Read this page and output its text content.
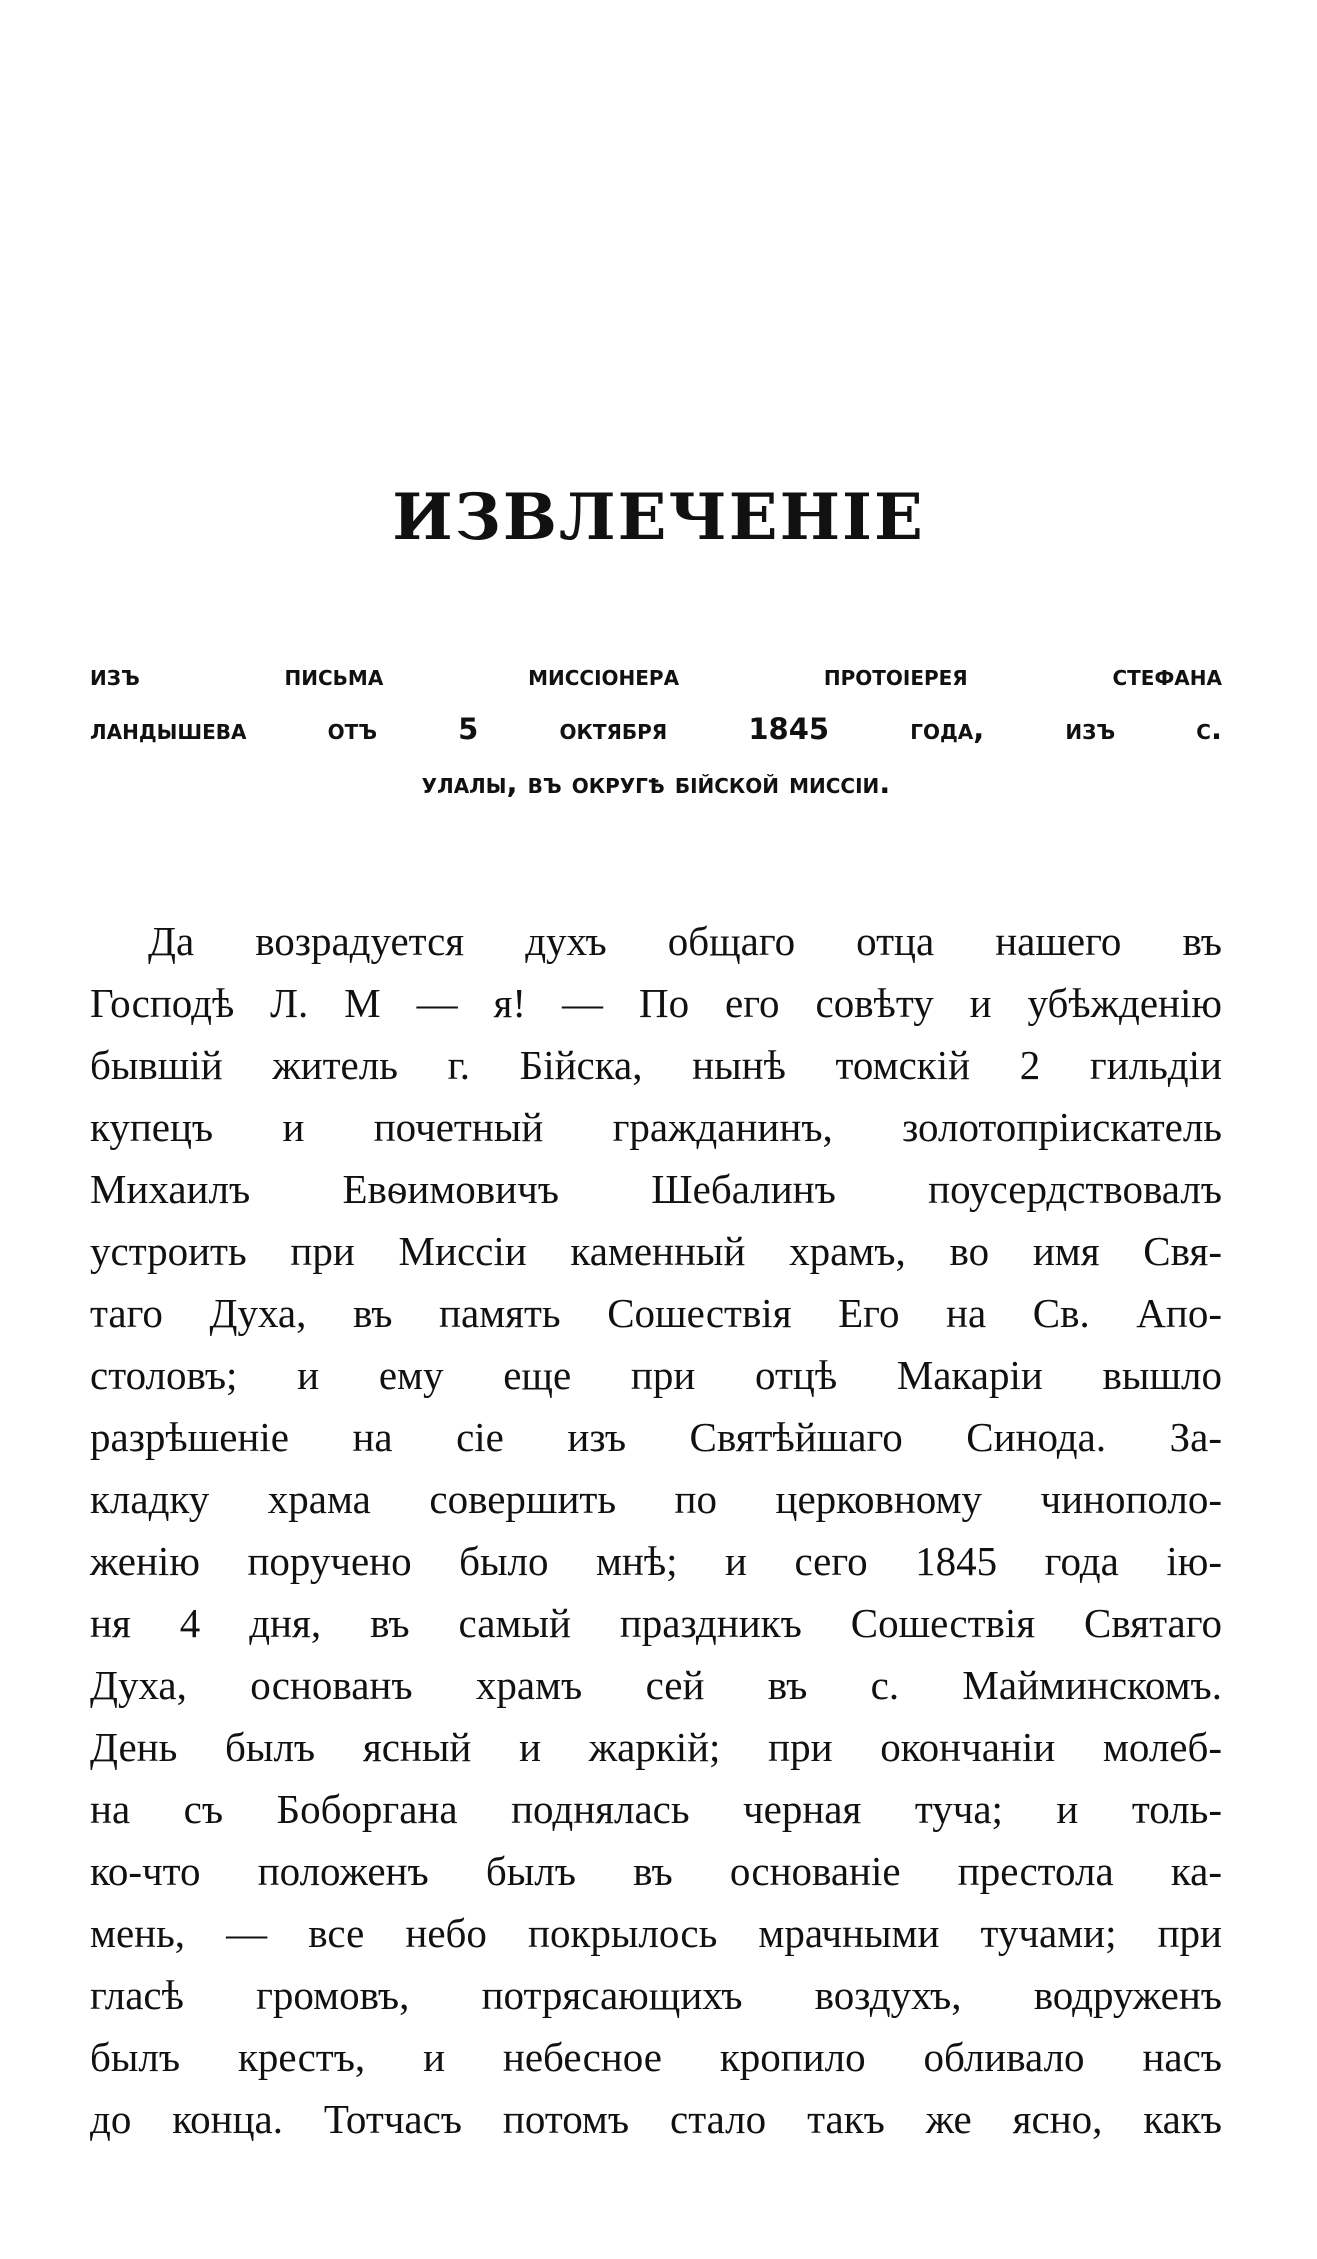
ИЗВЛЕЧЕНІЕ
изъ письма миссіонера протоіерея стефана
ландышева отъ 5 октября 1845 года, изъ с.
улалы, въ округѣ бійской миссіи.
Да возрадуется духъ общаго отца нашего въ
Господѣ Л. М — я! — По его совѣту и убѣжденію
бывшій житель г. Бійска, нынѣ томскій 2 гильдіи
купецъ и почетный гражданинъ, золотопріискатель
Михаилъ Евѳимовичъ Шебалинъ поусердствовалъ
устроить при Миссіи каменный храмъ, во имя Свя-
таго Духа, въ память Сошествія Его на Св. Апо-
столовъ; и ему еще при отцѣ Макаріи вышло
разрѣшеніе на сіе изъ Святѣйшаго Синода. За-
кладку храма совершить по церковному чинополо-
женію поручено было мнѣ; и сего 1845 года ію-
ня 4 дня, въ самый праздникъ Сошествія Святаго
Духа, основанъ храмъ сей въ с. Майминскомъ.
День былъ ясный и жаркій; при окончаніи молеб-
на съ Боборгана поднялась черная туча; и толь-
ко-что положенъ былъ въ основаніе престола ка-
мень, — все небо покрылось мрачными тучами; при
гласѣ громовъ, потрясающихъ воздухъ, водруженъ
былъ крестъ, и небесное кропило обливало насъ
до конца. Тотчасъ потомъ стало такъ же ясно, какъ
